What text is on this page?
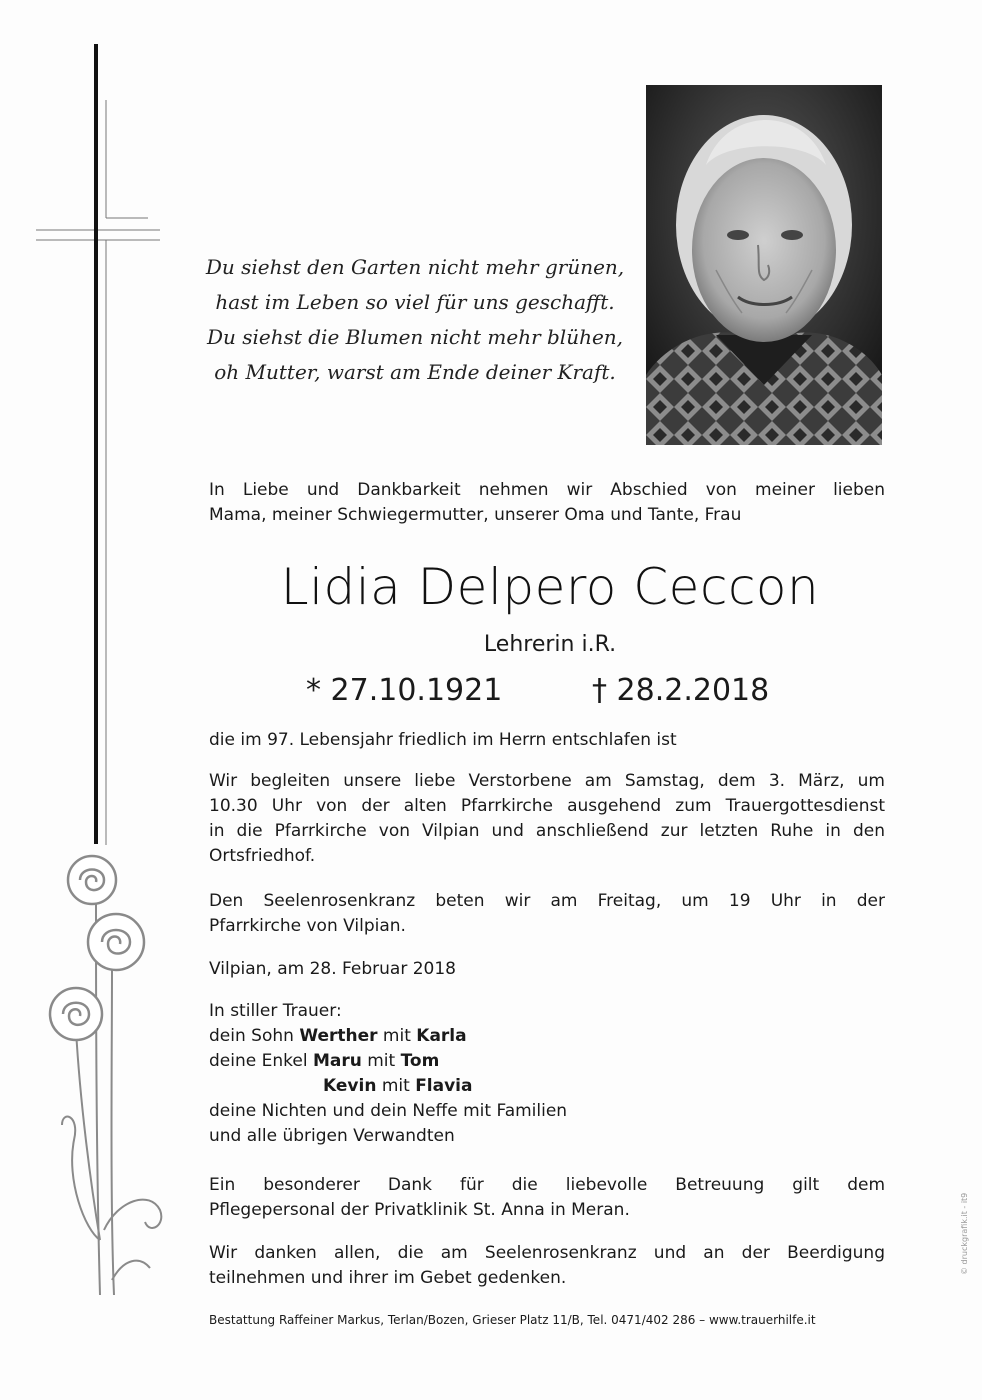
Du siehst den Garten nicht mehr grünen,
hast im Leben so viel für uns geschafft.
Du siehst die Blumen nicht mehr blühen,
oh Mutter, warst am Ende deiner Kraft.
In Liebe und Dankbarkeit nehmen wir Abschied von meiner lieben
Mama, meiner Schwiegermutter, unserer Oma und Tante, Frau
Lidia Delpero Ceccon
Lehrerin i.R.
* 27.10.1921	† 28.2.2018
die im 97. Lebensjahr friedlich im Herrn entschlafen ist
Wir begleiten unsere liebe Verstorbene am Samstag, dem 3. März, um
10.30 Uhr von der alten Pfarrkirche ausgehend zum Trauergottesdienst
in die Pfarrkirche von Vilpian und anschließend zur letzten Ruhe in den
Ortsfriedhof.
Den Seelenrosenkranz beten wir am Freitag, um 19 Uhr in der
Pfarrkirche von Vilpian.
Vilpian, am 28. Februar 2018
In stiller Trauer:
dein Sohn Werther mit Karla
deine Enkel Maru mit Tom
Kevin mit Flavia
deine Nichten und dein Neffe mit Familien
und alle übrigen Verwandten
Ein besonderer Dank für die liebevolle Betreuung gilt dem
Pflegepersonal der Privatklinik St. Anna in Meran.
Wir danken allen, die am Seelenrosenkranz und an der Beerdigung
teilnehmen und ihrer im Gebet gedenken.
Bestattung Raffeiner Markus, Terlan/Bozen, Grieser Platz 11/B, Tel. 0471/402 286 – www.trauerhilfe.it
© druckgrafik.it - it9
